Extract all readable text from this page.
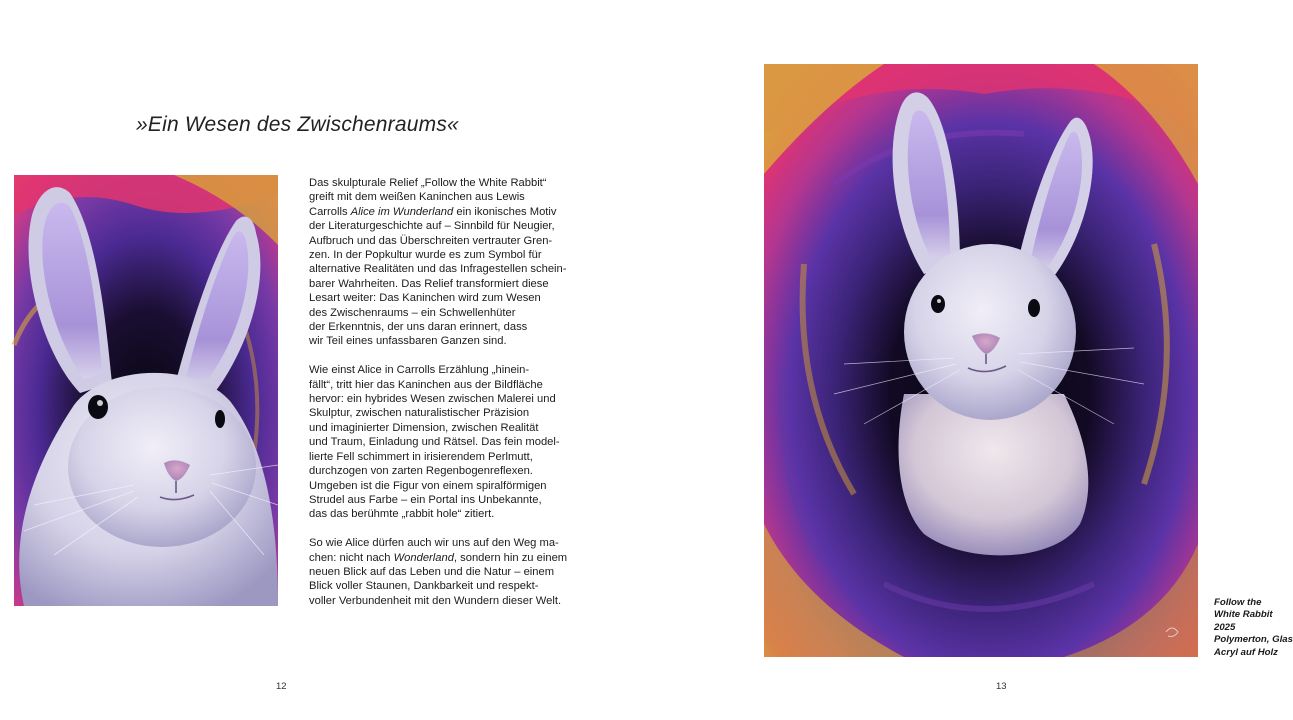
»Ein Wesen des Zwischenraums«

Das skulpturale Relief „Follow the White Rabbit“
greift mit dem weißen Kaninchen aus Lewis
Carrolls Alice im Wunderland ein ikonisches Motiv
der Literaturgeschichte auf – Sinnbild für Neugier,
Aufbruch und das Überschreiten vertrauter Gren-
zen. In der Popkultur wurde es zum Symbol für
alternative Realitäten und das Infragestellen schein-
barer Wahrheiten. Das Relief transformiert diese
Lesart weiter: Das Kaninchen wird zum Wesen
des Zwischenraums – ein Schwellenhüter
der Erkenntnis, der uns daran erinnert, dass
wir Teil eines unfassbaren Ganzen sind.

Wie einst Alice in Carrolls Erzählung „hinein-
fällt“, tritt hier das Kaninchen aus der Bildfläche
hervor: ein hybrides Wesen zwischen Malerei und
Skulptur, zwischen naturalistischer Präzision
und imaginierter Dimension, zwischen Realität
und Traum, Einladung und Rätsel. Das fein model-
lierte Fell schimmert in irisierendem Perlmutt,
durchzogen von zarten Regenbogenreflexen.
Umgeben ist die Figur von einem spiralförmigen
Strudel aus Farbe – ein Portal ins Unbekannte,
das das berühmte „rabbit hole“ zitiert.

So wie Alice dürfen auch wir uns auf den Weg ma-
chen: nicht nach Wonderland, sondern hin zu einem
neuen Blick auf das Leben und die Natur – einem
Blick voller Staunen, Dankbarkeit und respekt-
voller Verbundenheit mit den Wundern dieser Welt.

12	13
Follow the
White Rabbit
2025
Polymerton, Glas
Acryl auf Holz
